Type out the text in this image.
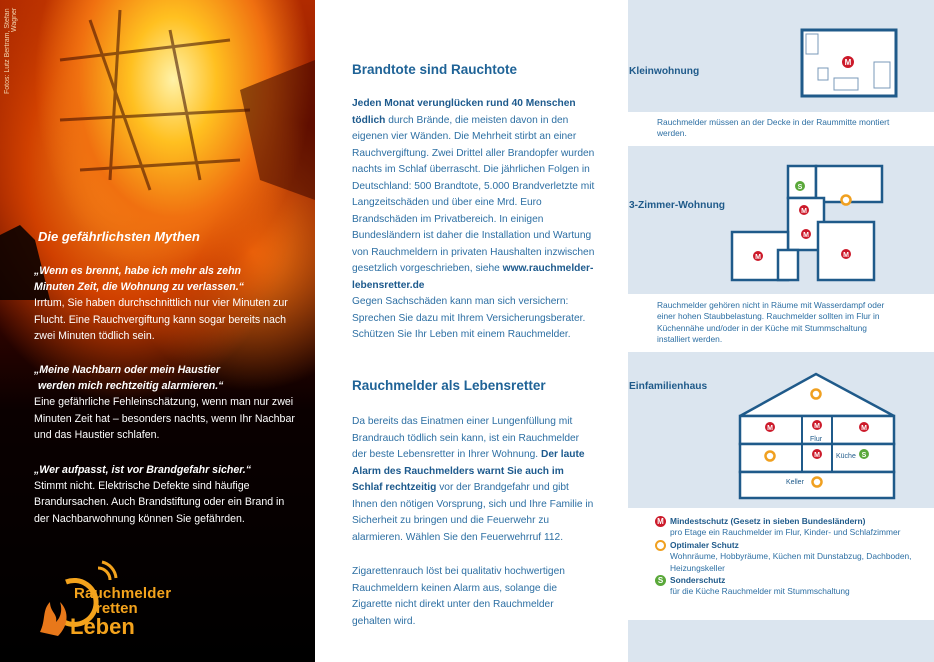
Fotos: Lutz Bertram, Stefan Wagner
Die gefährlichsten Mythen
„Wenn es brennt, habe ich mehr als zehn
Minuten Zeit, die Wohnung zu verlassen.“
Irrtum, Sie haben durchschnittlich nur vier Minuten zur Flucht. Eine Rauchvergiftung kann sogar bereits nach zwei Minuten tödlich sein.
„Meine Nachbarn oder mein Haustier
werden mich rechtzeitig alarmieren.“
Eine gefährliche Fehleinschätzung, wenn man nur zwei Minuten Zeit hat – besonders nachts, wenn Ihr Nachbar und das Haustier schlafen.
„Wer aufpasst, ist vor Brandgefahr sicher.“
Stimmt nicht. Elektrische Defekte sind häufige Brandursachen. Auch Brandstiftung oder ein Brand in der Nachbarwohnung können Sie gefährden.
Rauchmelder
retten
Leben
Brandtote sind Rauchtote
Jeden Monat verunglücken rund 40 Menschen tödlich durch Brände, die meisten davon in den eigenen vier Wänden. Die Mehrheit stirbt an einer Rauchvergiftung. Zwei Drittel aller Brandopfer wurden nachts im Schlaf überrascht. Die jährlichen Folgen in Deutschland: 500 Brandtote, 5.000 Brandverletzte mit Langzeitschäden und über eine Mrd. Euro Brandschäden im Privatbereich. In einigen Bundesländern ist daher die Installation und Wartung von Rauchmeldern in privaten Haushalten inzwischen gesetzlich vorgeschrieben, siehe www.rauchmelder-lebensretter.de
Gegen Sachschäden kann man sich versichern: Sprechen Sie dazu mit Ihrem Versicherungsberater. Schützen Sie Ihr Leben mit einem Rauchmelder.
Rauchmelder als Lebensretter
Da bereits das Einatmen einer Lungenfüllung mit Brandrauch tödlich sein kann, ist ein Rauchmelder der beste Lebensretter in Ihrer Wohnung. Der laute Alarm des Rauchmelders warnt Sie auch im Schlaf rechtzeitig vor der Brandgefahr und gibt Ihnen den nötigen Vorsprung, sich und Ihre Familie in Sicherheit zu bringen und die Feuerwehr zu alarmieren. Wählen Sie den Feuerwehrruf 112.
Zigarettenrauch löst bei qualitativ hochwertigen Rauchmeldern keinen Alarm aus, solange die Zigarette nicht direkt unter den Rauchmelder gehalten wird.
Kleinwohnung
M
Rauchmelder müssen an der Decke in der Raummitte montiert werden.
3-Zimmer-Wohnung
S
M
M
M	M
Rauchmelder gehören nicht in Räume mit Wasserdampf oder einer hohen Staubbelastung. Rauchmelder sollten im Flur in Küchennähe und/oder in der Küche mit Stummschaltung installiert werden.
Einfamilienhaus
M	M	M
Flur
M Küche S
Keller
M Mindestschutz (Gesetz in sieben Bundesländern)
pro Etage ein Rauchmelder im Flur, Kinder- und Schlafzimmer
Optimaler Schutz
Wohnräume, Hobbyräume, Küchen mit Dunstabzug, Dachboden, Heizungskeller
S Sonderschutz
für die Küche Rauchmelder mit Stummschaltung
